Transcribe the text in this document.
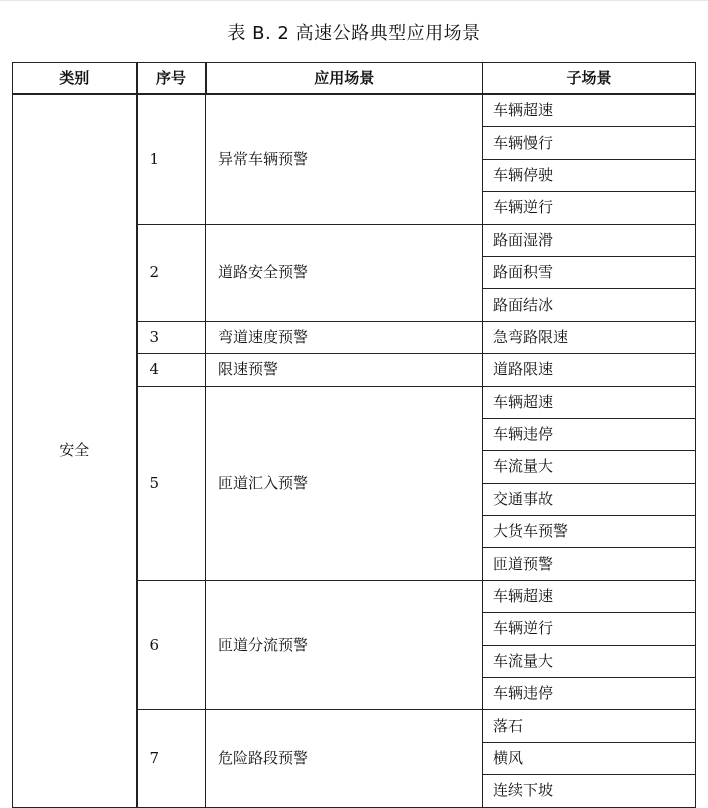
表 B. 2 高速公路典型应用场景
类别	序号	应用场景	子场景
安全	1	异常车辆预警	车辆超速
			车辆慢行
			车辆停驶
			车辆逆行
	2	道路安全预警	路面湿滑
			路面积雪
			路面结冰
	3	弯道速度预警	急弯路限速
	4	限速预警	道路限速
	5	匝道汇入预警	车辆超速
			车辆违停
			车流量大
			交通事故
			大货车预警
			匝道预警
	6	匝道分流预警	车辆超速
			车辆逆行
			车流量大
			车辆违停
	7	危险路段预警	落石
			横风
			连续下坡
